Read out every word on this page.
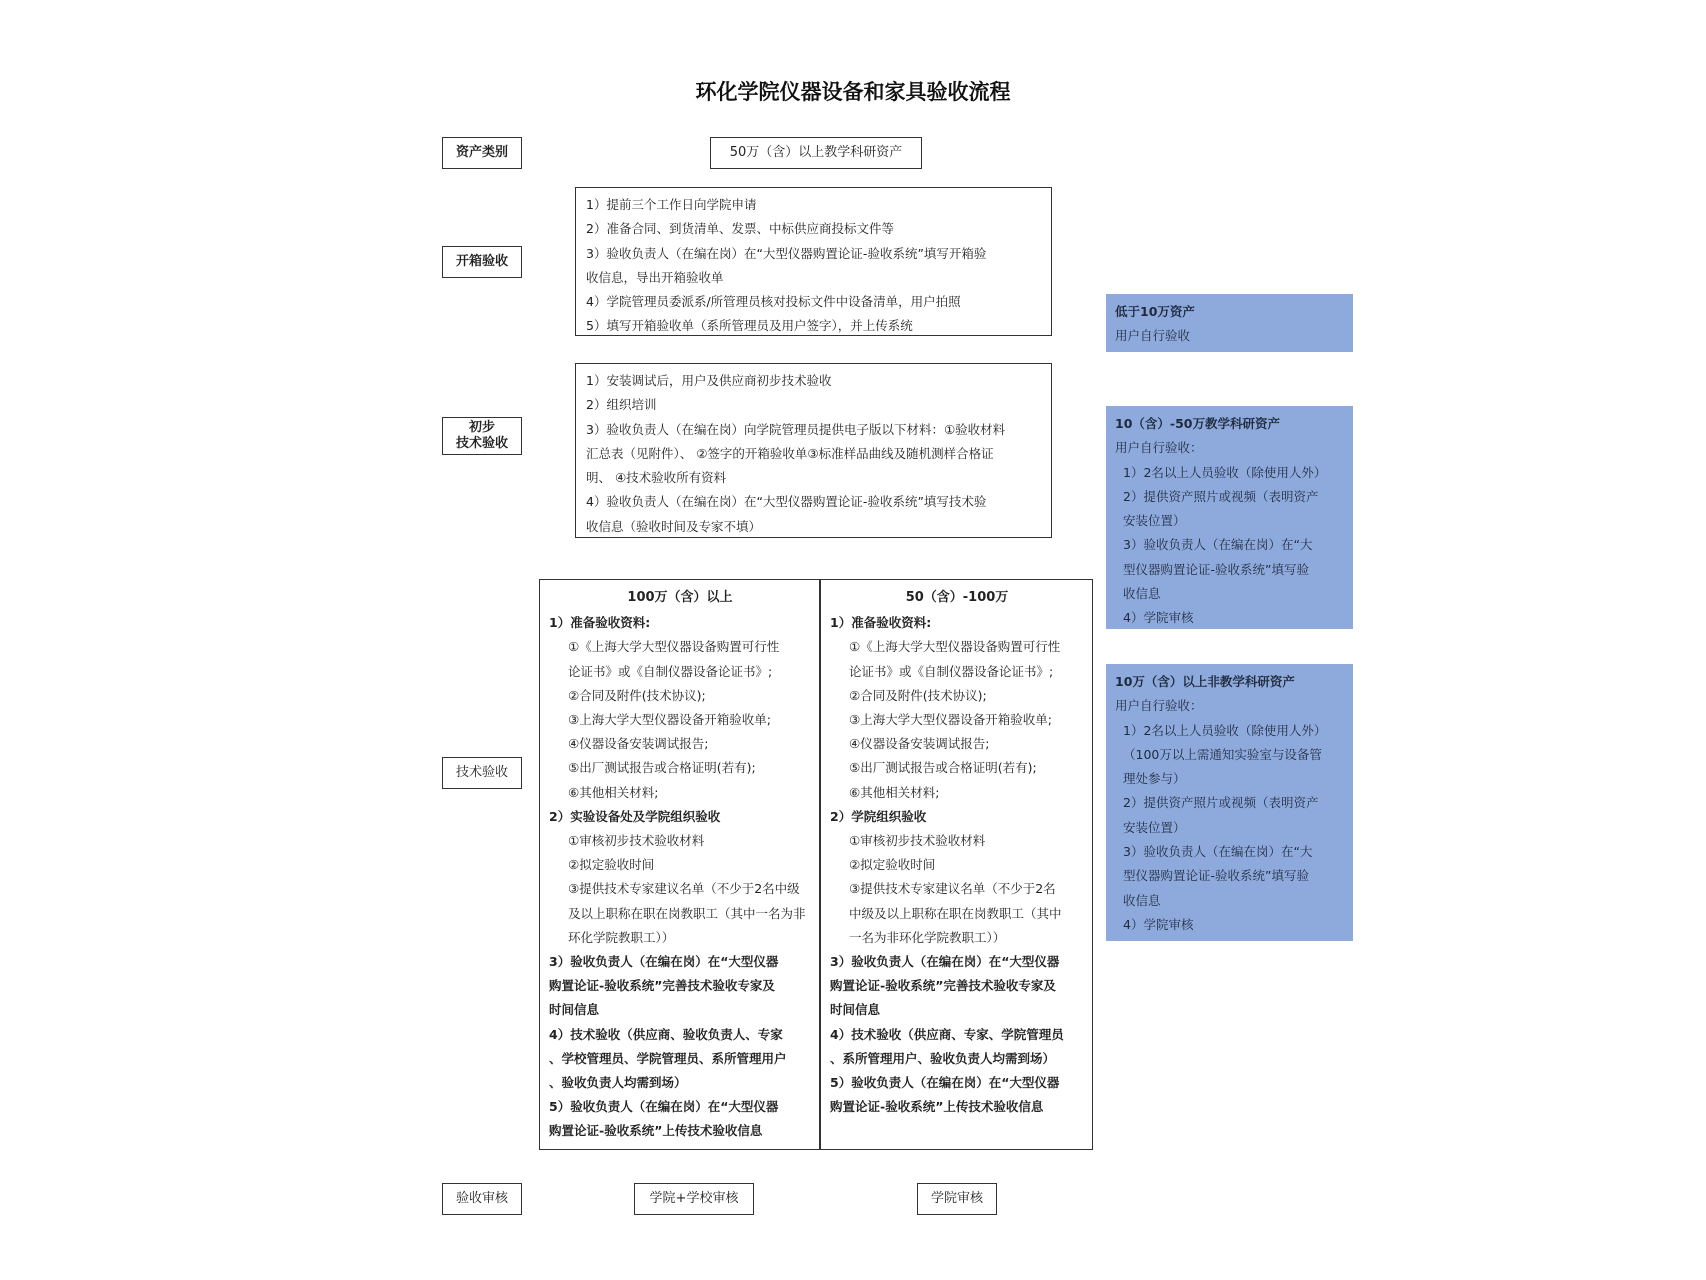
环化学院仪器设备和家具验收流程
资产类别
开箱验收
初步
技术验收
技术验收
验收审核
50万（含）以上教学科研资产
1）提前三个工作日向学院申请
2）准备合同、到货清单、发票、中标供应商投标文件等
3）验收负责人（在编在岗）在“大型仪器购置论证-验收系统”填写开箱验
收信息，导出开箱验收单
4）学院管理员委派系/所管理员核对投标文件中设备清单，用户拍照
5）填写开箱验收单（系所管理员及用户签字），并上传系统
1）安装调试后，用户及供应商初步技术验收
2）组织培训
3）验收负责人（在编在岗）向学院管理员提供电子版以下材料：①验收材料
汇总表（见附件）、 ②签字的开箱验收单③标准样品曲线及随机测样合格证
明、 ④技术验收所有资料
4）验收负责人（在编在岗）在“大型仪器购置论证-验收系统”填写技术验
收信息（验收时间及专家不填）
100万（含）以上
1）准备验收资料:
①《上海大学大型仪器设备购置可行性
论证书》或《自制仪器设备论证书》;
②合同及附件(技术协议);
③上海大学大型仪器设备开箱验收单;
④仪器设备安装调试报告;
⑤出厂测试报告或合格证明(若有);
⑥其他相关材料;
2）实验设备处及学院组织验收
①审核初步技术验收材料
②拟定验收时间
③提供技术专家建议名单（不少于2名中级
及以上职称在职在岗教职工（其中一名为非
环化学院教职工））
3）验收负责人（在编在岗）在“大型仪器
购置论证-验收系统”完善技术验收专家及
时间信息
4）技术验收（供应商、验收负责人、专家
、学校管理员、学院管理员、系所管理用户
、验收负责人均需到场）
5）验收负责人（在编在岗）在“大型仪器
购置论证-验收系统”上传技术验收信息
50（含）-100万
1）准备验收资料:
①《上海大学大型仪器设备购置可行性
论证书》或《自制仪器设备论证书》;
②合同及附件(技术协议);
③上海大学大型仪器设备开箱验收单;
④仪器设备安装调试报告;
⑤出厂测试报告或合格证明(若有);
⑥其他相关材料;
2）学院组织验收
①审核初步技术验收材料
②拟定验收时间
③提供技术专家建议名单（不少于2名
中级及以上职称在职在岗教职工（其中
一名为非环化学院教职工））
3）验收负责人（在编在岗）在“大型仪器
购置论证-验收系统”完善技术验收专家及
时间信息
4）技术验收（供应商、专家、学院管理员
、系所管理用户、验收负责人均需到场）
5）验收负责人（在编在岗）在“大型仪器
购置论证-验收系统”上传技术验收信息
学院+学校审核	学院审核
低于10万资产
用户自行验收
10（含）-50万教学科研资产
用户自行验收：
1）2名以上人员验收（除使用人外）
2）提供资产照片或视频（表明资产
安装位置）
3）验收负责人（在编在岗）在“大
型仪器购置论证-验收系统”填写验
收信息
4）学院审核
10万（含）以上非教学科研资产
用户自行验收：
1）2名以上人员验收（除使用人外）
（100万以上需通知实验室与设备管
理处参与）
2）提供资产照片或视频（表明资产
安装位置）
3）验收负责人（在编在岗）在“大
型仪器购置论证-验收系统”填写验
收信息
4）学院审核
